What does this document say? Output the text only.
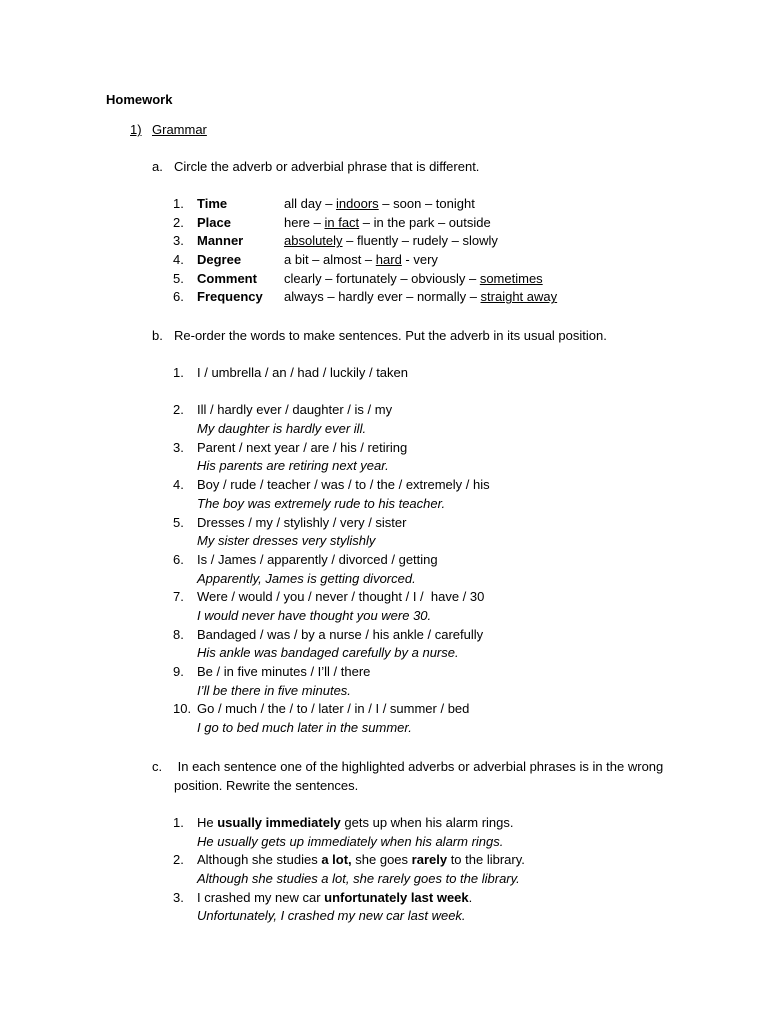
Homework
1) Grammar
a. Circle the adverb or adverbial phrase that is different.
1.	Time	all day – indoors – soon – tonight
2.	Place	here – in fact – in the park – outside
3.	Manner	absolutely – fluently – rudely – slowly
4.	Degree	a bit – almost – hard - very
5.	Comment clearly – fortunately – obviously – sometimes
6.	Frequency always – hardly ever – normally – straight away
b. Re-order the words to make sentences. Put the adverb in its usual position.
1.	I / umbrella / an / had / luckily / taken
2.	Ill / hardly ever / daughter / is / my
My daughter is hardly ever ill.
3.	Parent / next year / are / his / retiring
His parents are retiring next year.
4.	Boy / rude / teacher / was / to / the / extremely / his
The boy was extremely rude to his teacher.
5.	Dresses / my / stylishly / very / sister
My sister dresses very stylishly
6.	Is / James / apparently / divorced / getting
Apparently, James is getting divorced.
7.	Were / would / you / never / thought / I /  have / 30
I would never have thought you were 30.
8.	Bandaged / was / by a nurse / his ankle / carefully
His ankle was bandaged carefully by a nurse.
9.	Be / in five minutes / I’ll / there
I’ll be there in five minutes.
10. Go / much / the / to / later / in / I / summer / bed
I go to bed much later in the summer.
c. In each sentence one of the highlighted adverbs or adverbial phrases is in the wrong
position. Rewrite the sentences.
1.	He usually immediately gets up when his alarm rings.
He usually gets up immediately when his alarm rings.
2.	Although she studies a lot, she goes rarely to the library.
Although she studies a lot, she rarely goes to the library.
3.	I crashed my new car unfortunately last week.
Unfortunately, I crashed my new car last week.
